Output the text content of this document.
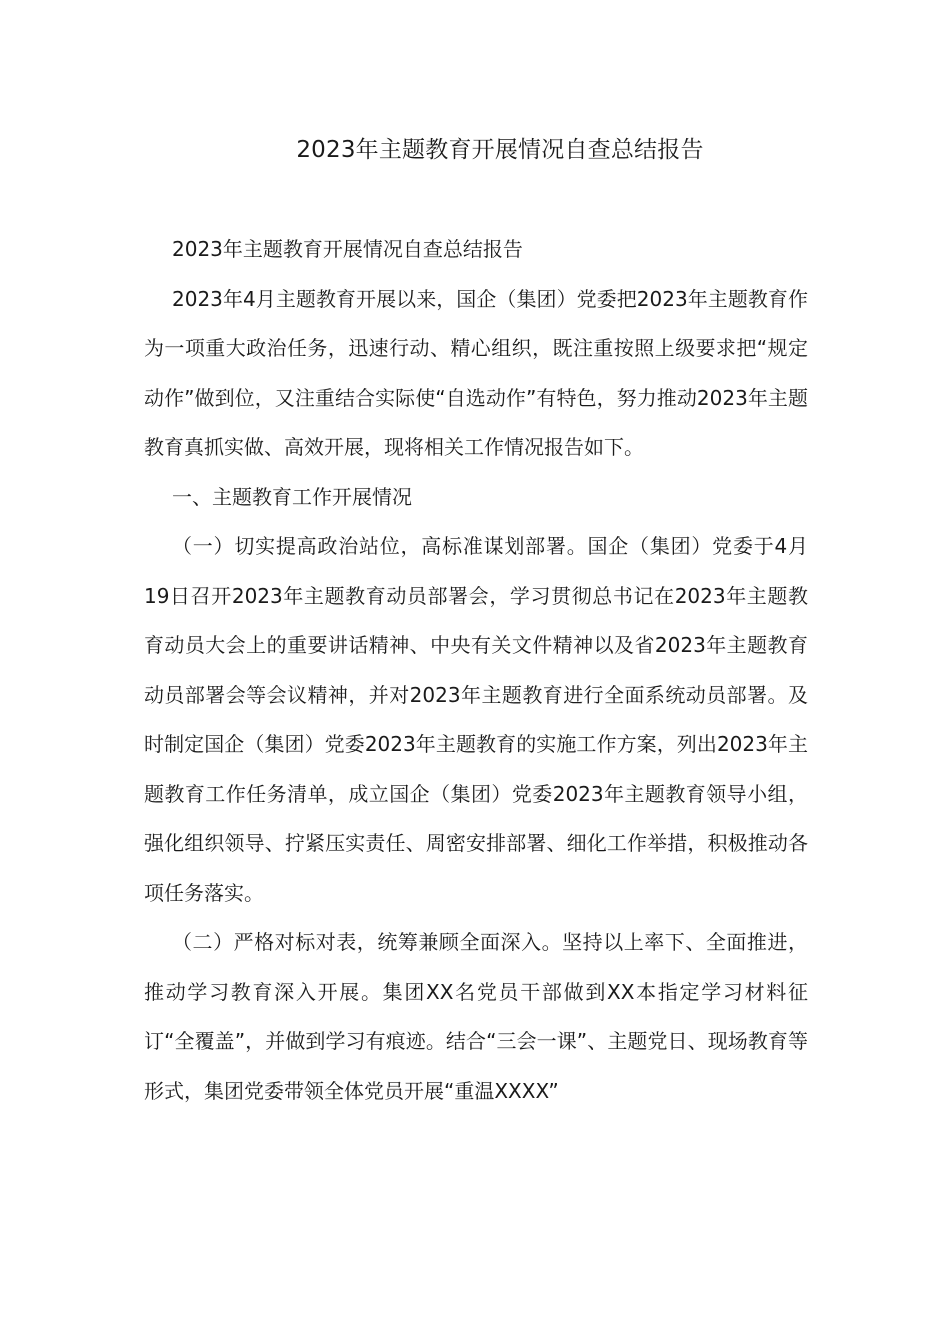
2023年主题教育开展情况自查总结报告

2023年主题教育开展情况自查总结报告

2023年4月主题教育开展以来，国企（集团）党委把2023年主题教育作为一项重大政治任务，迅速行动、精心组织，既注重按照上级要求把“规定动作”做到位，又注重结合实际使“自选动作”有特色，努力推动2023年主题教育真抓实做、高效开展，现将相关工作情况报告如下。

一、主题教育工作开展情况

（一）切实提高政治站位，高标准谋划部署。国企（集团）党委于4月19日召开2023年主题教育动员部署会，学习贯彻总书记在2023年主题教育动员大会上的重要讲话精神、中央有关文件精神以及省2023年主题教育动员部署会等会议精神，并对2023年主题教育进行全面系统动员部署。及时制定国企（集团）党委2023年主题教育的实施工作方案，列出2023年主题教育工作任务清单，成立国企（集团）党委2023年主题教育领导小组，强化组织领导、拧紧压实责任、周密安排部署、细化工作举措，积极推动各项任务落实。

（二）严格对标对表，统筹兼顾全面深入。坚持以上率下、全面推进，推动学习教育深入开展。集团XX名党员干部做到XX本指定学习材料征订“全覆盖”，并做到学习有痕迹。结合“三会一课”、主题党日、现场教育等形式，集团党委带领全体党员开展“重温XXXX”
